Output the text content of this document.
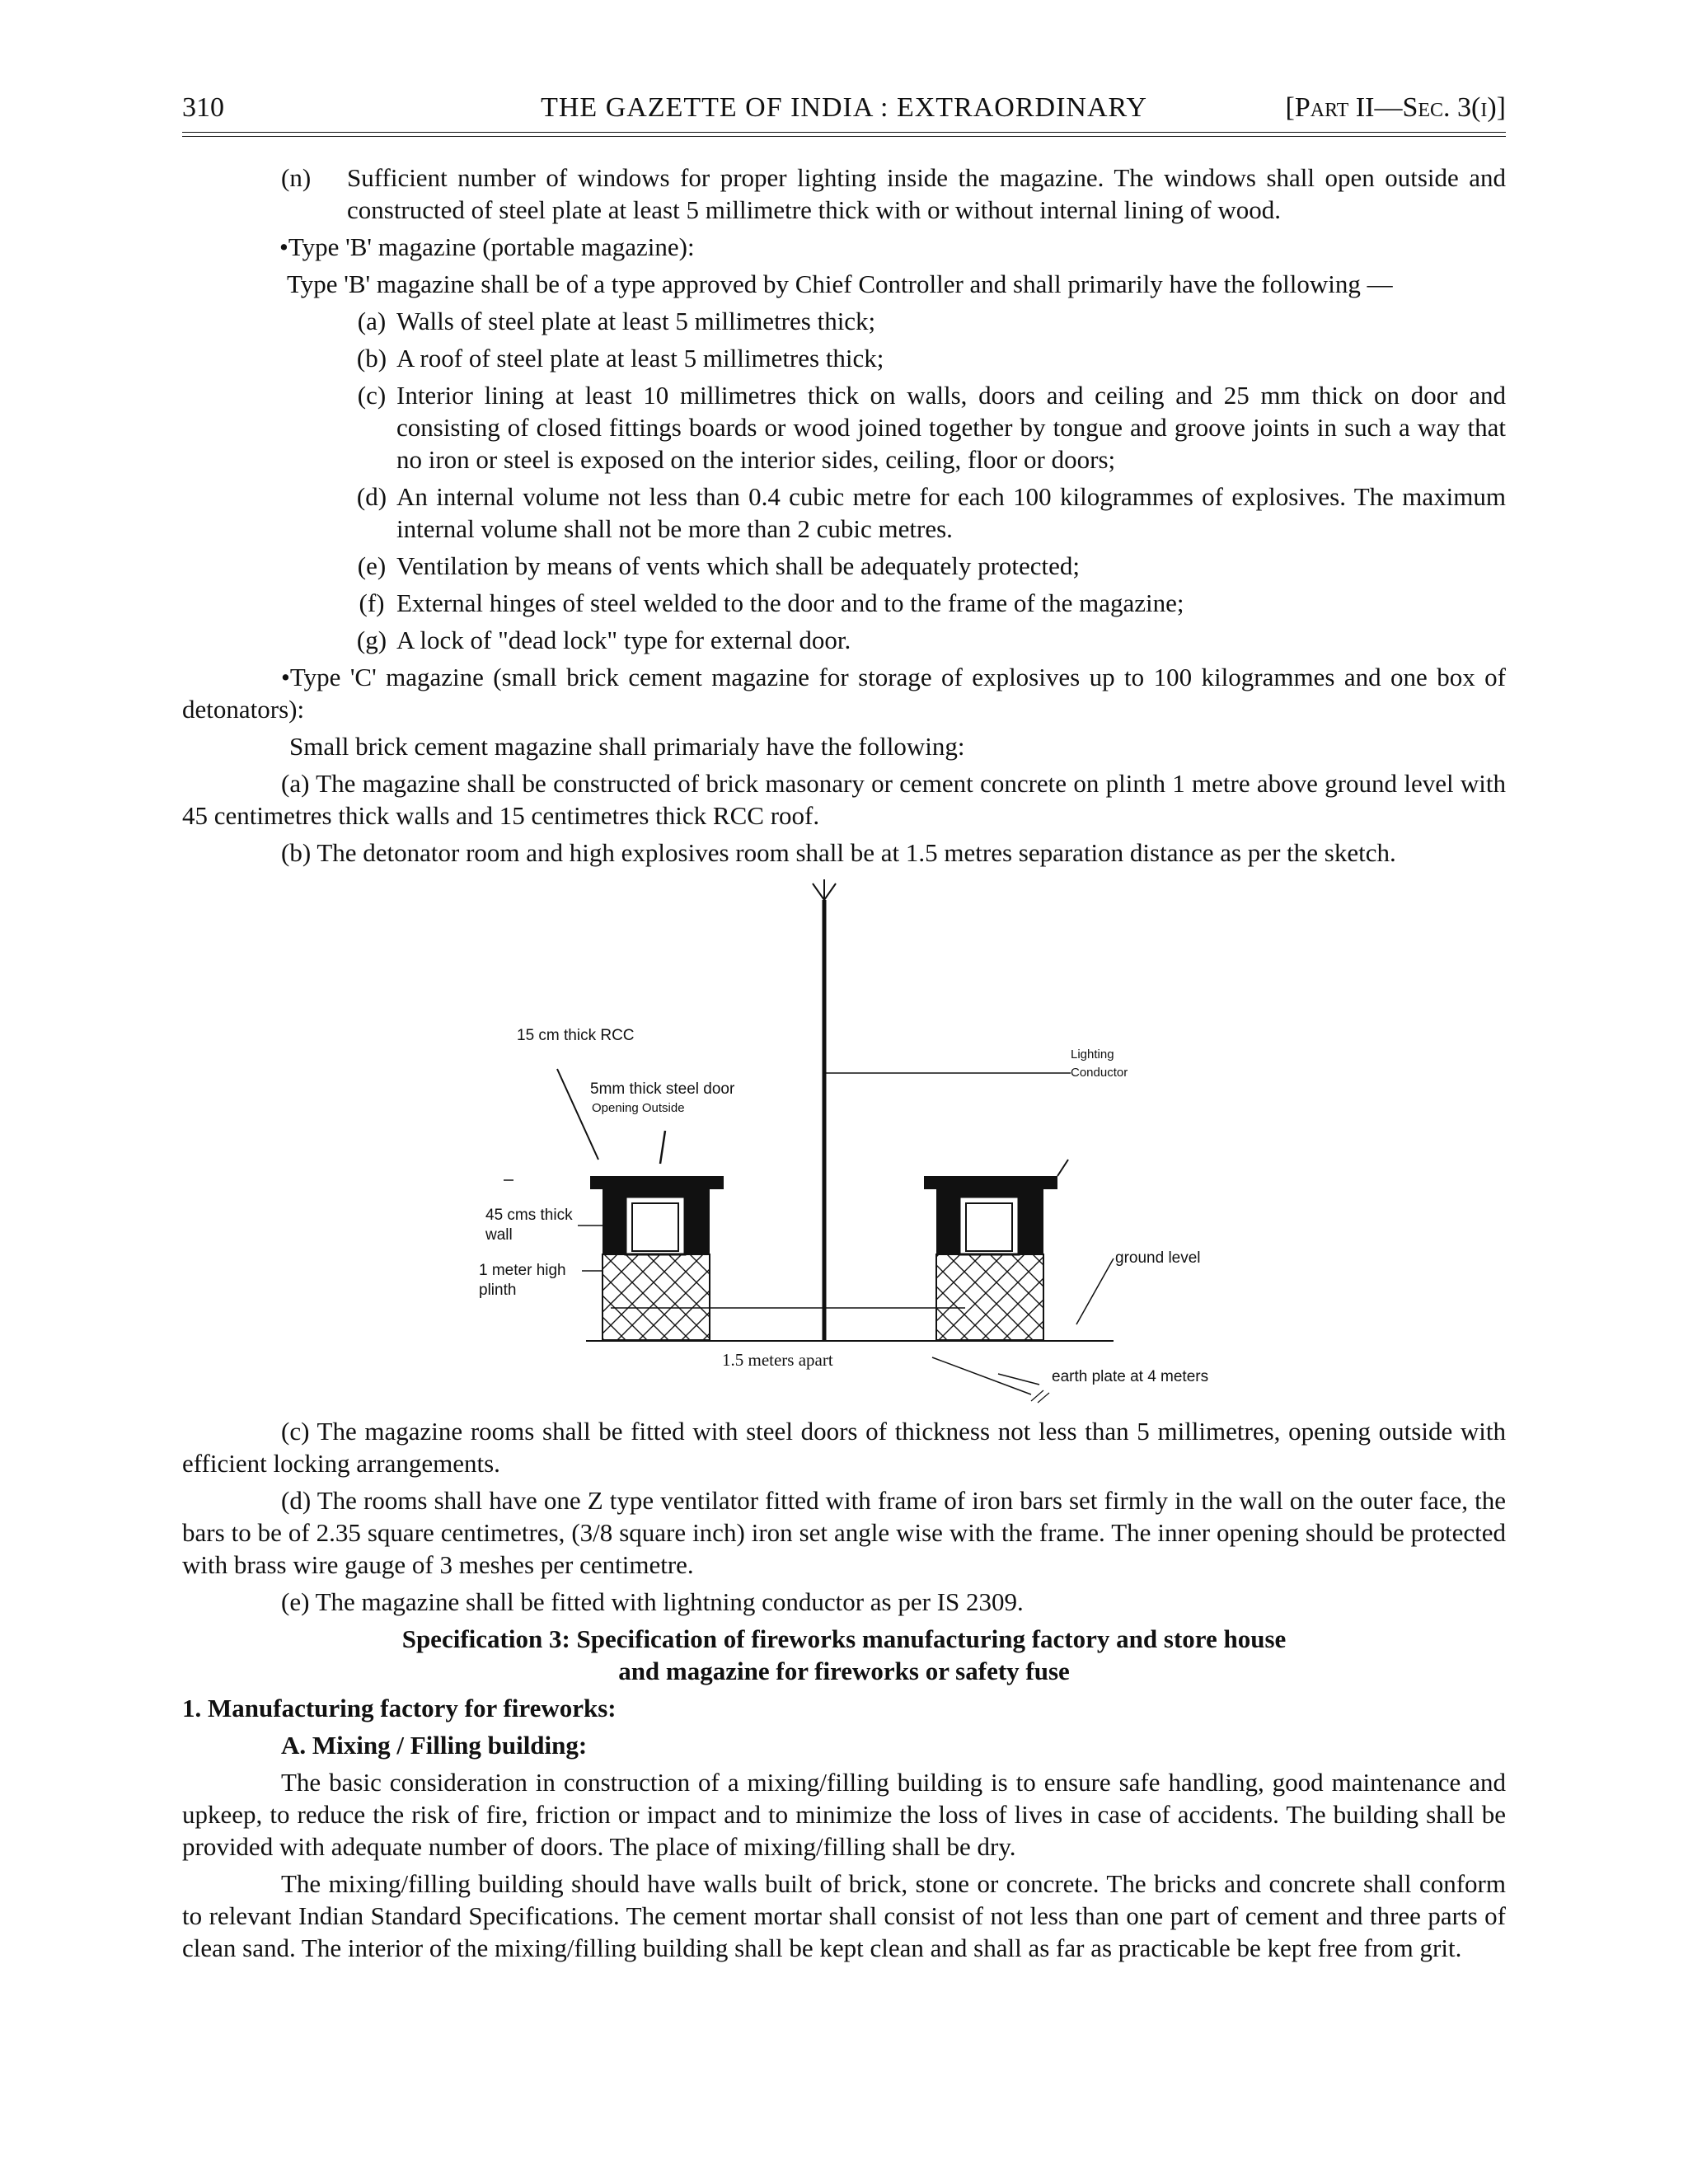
310	THE GAZETTE OF INDIA : EXTRAORDINARY	[Part II—Sec. 3(i)]
(n)	Sufficient number of windows for proper lighting inside the magazine. The windows shall open outside and constructed of steel plate at least 5 millimetre thick with or without internal lining of wood.

•Type 'B' magazine (portable magazine):

Type 'B' magazine shall be of a type approved by Chief Controller and shall primarily have the following —

(a) Walls of steel plate at least 5 millimetres thick;
(b) A roof of steel plate at least 5 millimetres thick;
(c) Interior lining at least 10 millimetres thick on walls, doors and ceiling and 25 mm thick on door and consisting of closed fittings boards or wood joined together by tongue and groove joints in such a way that no iron or steel is exposed on the interior sides, ceiling, floor or doors;
(d) An internal volume not less than 0.4 cubic metre for each 100 kilogrammes of explosives. The maximum internal volume shall not be more than 2 cubic metres.
(e) Ventilation by means of vents which shall be adequately protected;
(f) External hinges of steel welded to the door and to the frame of the magazine;
(g) A lock of "dead lock" type for external door.

•Type 'C' magazine (small brick cement magazine for storage of explosives up to 100 kilogrammes and one box of detonators):

Small brick cement magazine shall primarialy have the following:

(a) The magazine shall be constructed of brick masonary or cement concrete on plinth 1 metre above ground level with 45 centimetres thick walls and 15 centimetres thick RCC roof.

(b) The detonator room and high explosives room shall be at 1.5 metres separation distance as per the sketch.

15 cm thick RCC
5mm thick steel door
Opening Outside
Lighting
Conductor
45 cms thick
wall
1 meter high
plinth
ground level
1.5 meters apart
earth plate at 4 meters

(c) The magazine rooms shall be fitted with steel doors of thickness not less than 5 millimetres, opening outside with efficient locking arrangements.

(d) The rooms shall have one Z type ventilator fitted with frame of iron bars set firmly in the wall on the outer face, the bars to be of 2.35 square centimetres, (3/8 square inch) iron set angle wise with the frame. The inner opening should be protected with brass wire gauge of 3 meshes per centimetre.

(e) The magazine shall be fitted with lightning conductor as per IS 2309.

Specification 3: Specification of fireworks manufacturing factory and store house

and magazine for fireworks or safety fuse

1. Manufacturing factory for fireworks:

A. Mixing / Filling building:

The basic consideration in construction of a mixing/filling building is to ensure safe handling, good maintenance and upkeep, to reduce the risk of fire, friction or impact and to minimize the loss of lives in case of accidents. The building shall be provided with adequate number of doors. The place of mixing/filling shall be dry.

The mixing/filling building should have walls built of brick, stone or concrete. The bricks and concrete shall conform to relevant Indian Standard Specifications. The cement mortar shall consist of not less than one part of cement and three parts of clean sand. The interior of the mixing/filling building shall be kept clean and shall as far as practicable be kept free from grit.
